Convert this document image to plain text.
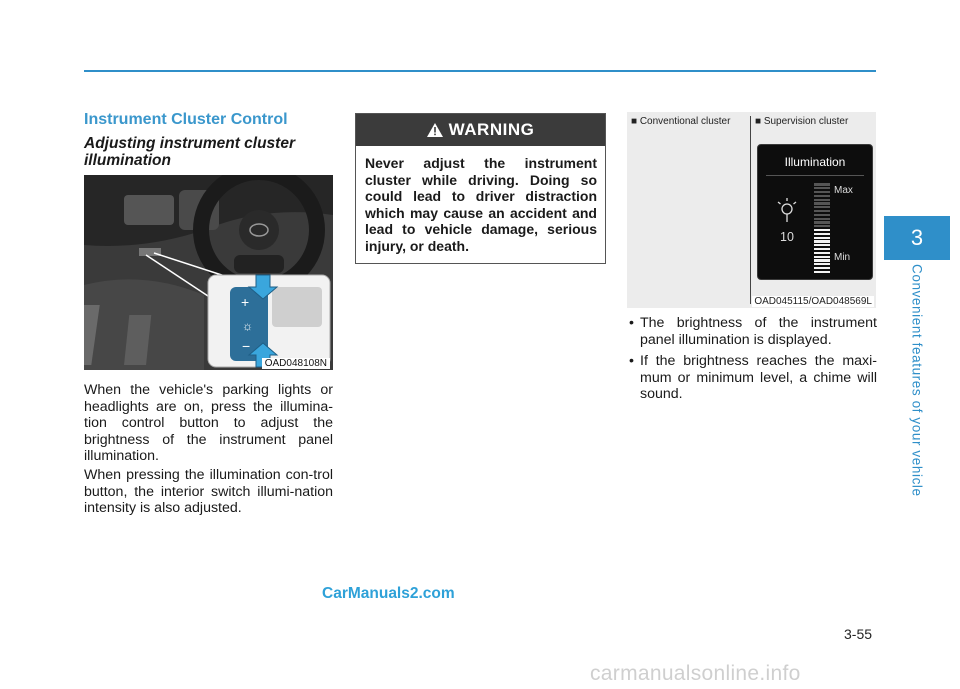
Instrument Cluster Control
Adjusting instrument cluster illumination
+
☼
−
OAD048108N

When the vehicle's parking lights or headlights are on, press the illumina-tion control button to adjust the brightness of the instrument panel illumination.

When pressing the illumination con-trol button, the interior switch illumi-nation intensity is also adjusted.

WARNING

Never adjust the instrument cluster while driving. Doing so could lead to driver distraction which may cause an accident and lead to vehicle damage, serious injury, or death.

■ Conventional cluster ■ Supervision cluster
Illumination
10
Max
Min
OAD045115/OAD048569L
• The brightness of the instrument panel illumination is displayed.
• If the brightness reaches the maxi-mum or minimum level, a chime will sound.
3
Convenient features of your vehicle
3-55
CarManuals2.com
carmanualsonline.info
